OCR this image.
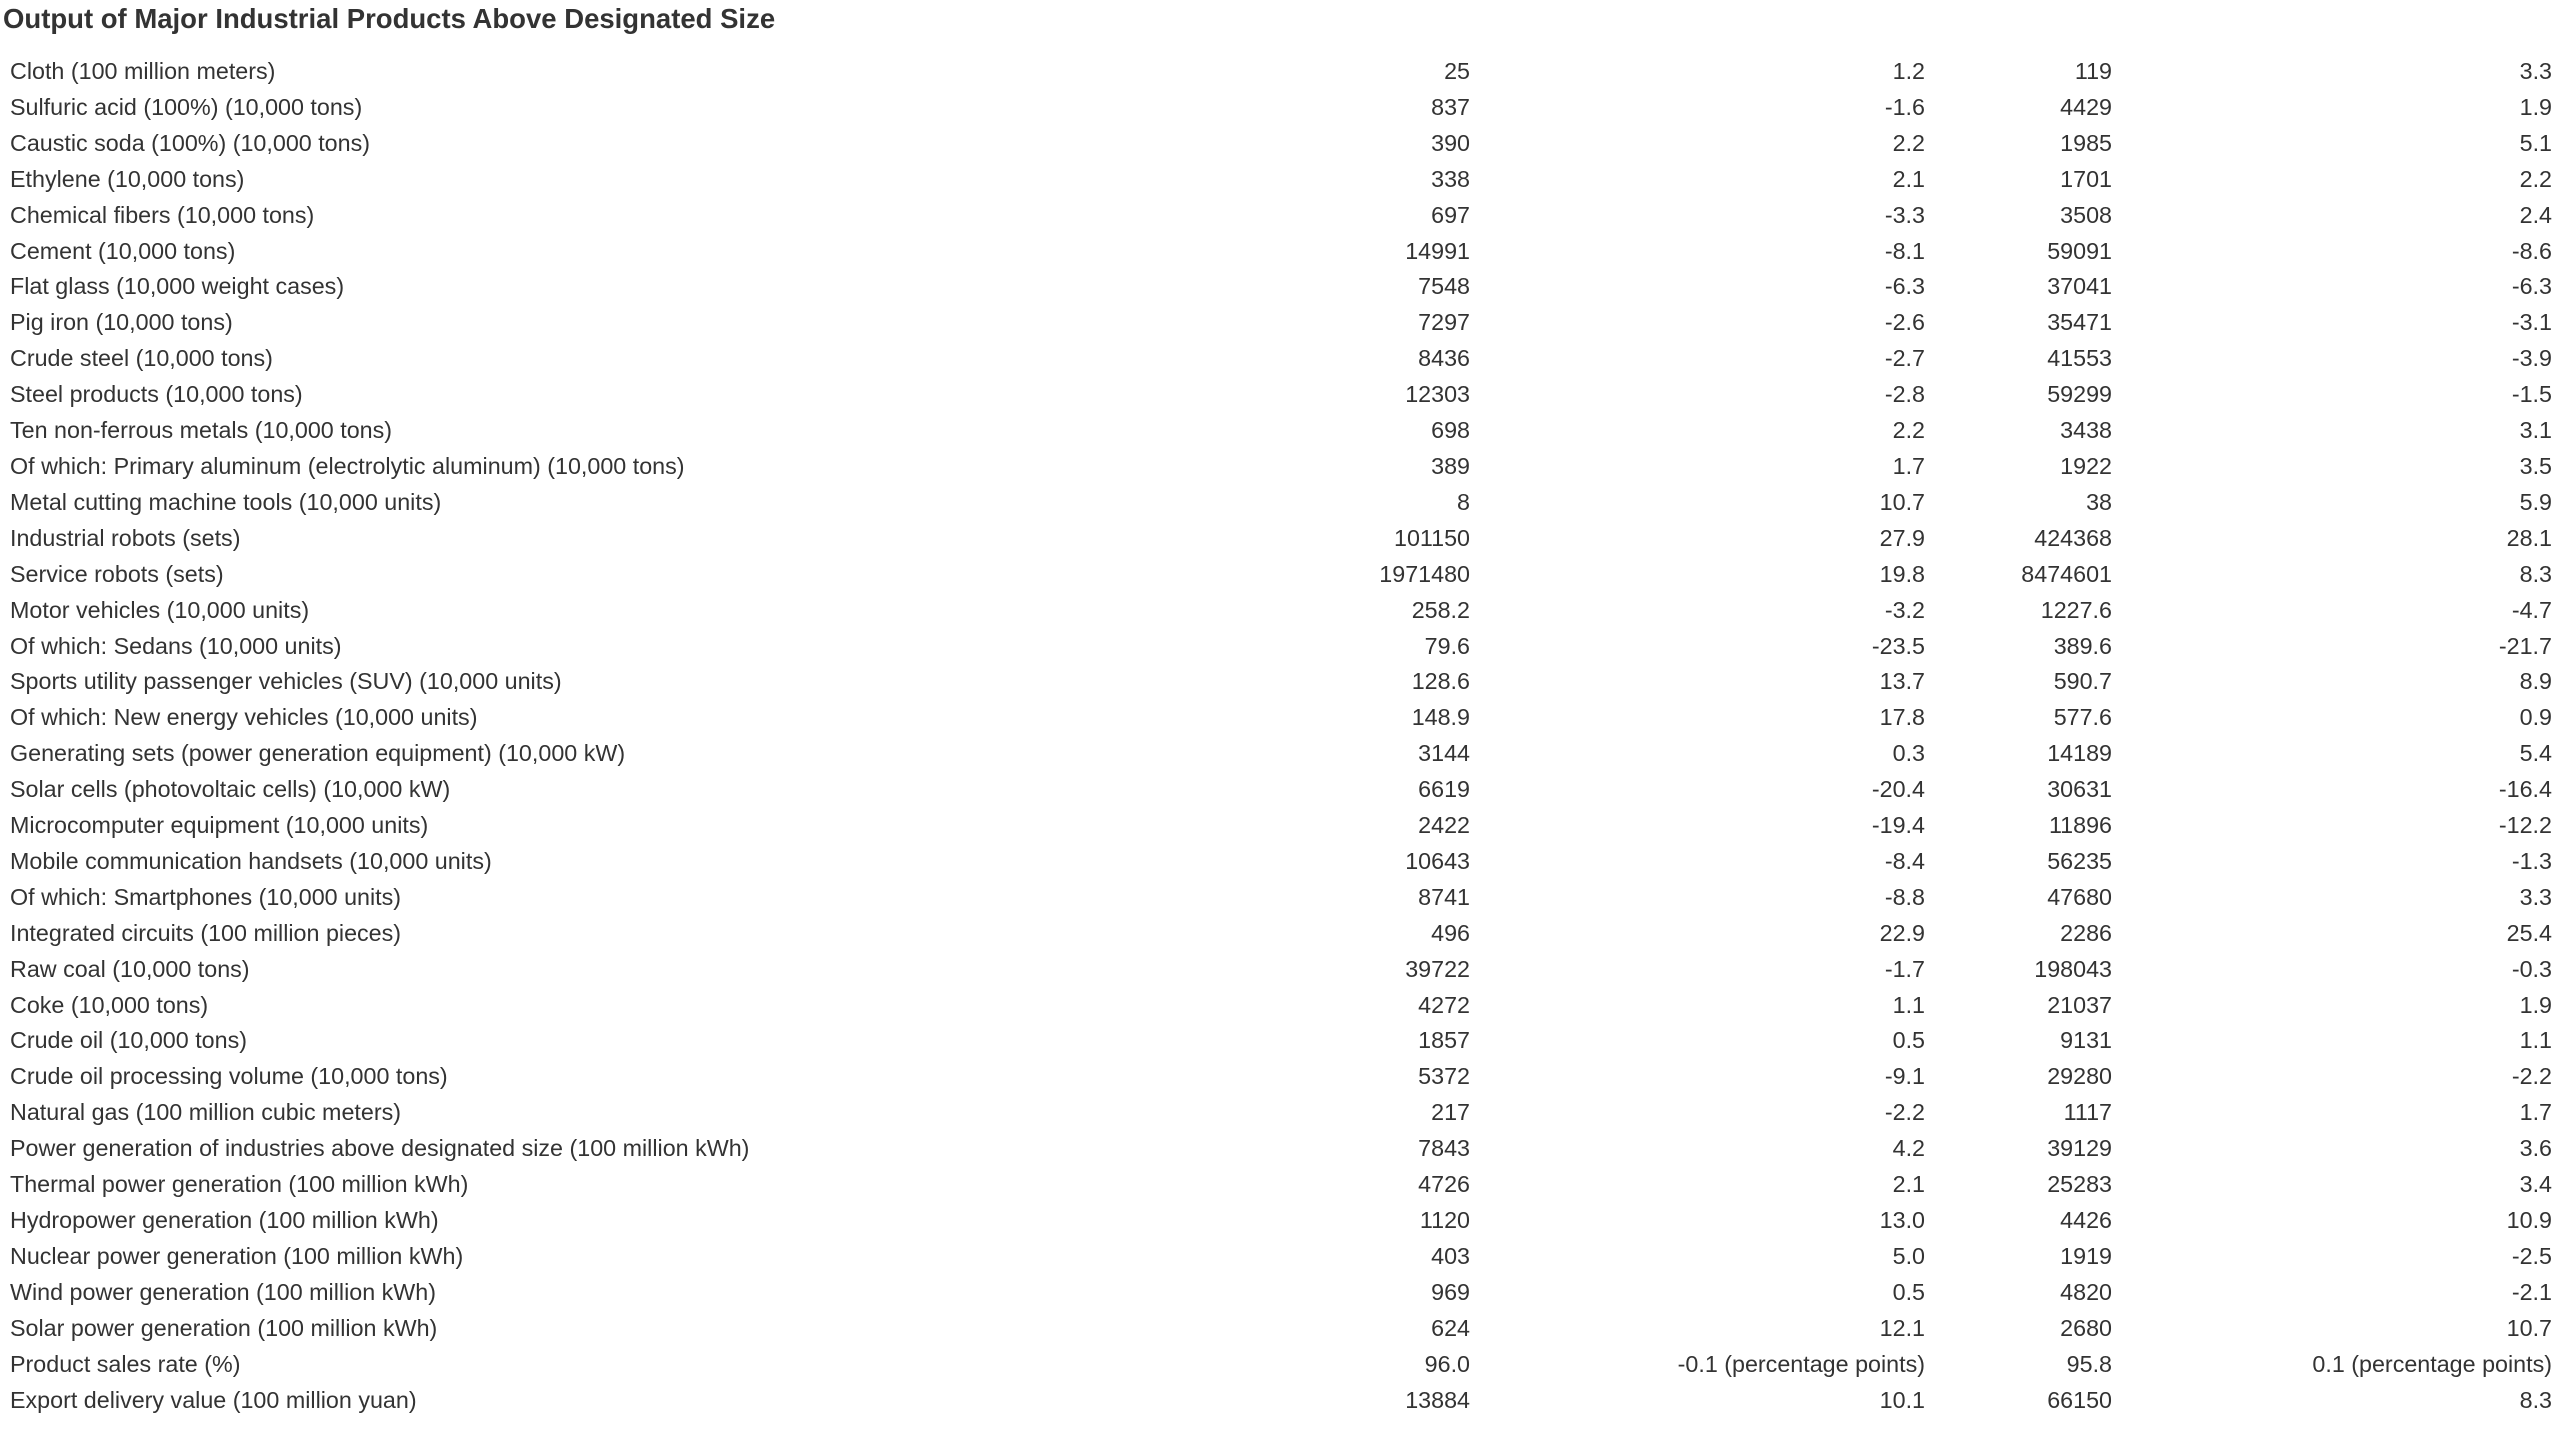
Output of Major Industrial Products Above Designated Size
Cloth (100 million meters)	25	1.2	119	3.3
Sulfuric acid (100%) (10,000 tons)	837	-1.6	4429	1.9
Caustic soda (100%) (10,000 tons)	390	2.2	1985	5.1
Ethylene (10,000 tons)	338	2.1	1701	2.2
Chemical fibers (10,000 tons)	697	-3.3	3508	2.4
Cement (10,000 tons)	14991	-8.1	59091	-8.6
Flat glass (10,000 weight cases)	7548	-6.3	37041	-6.3
Pig iron (10,000 tons)	7297	-2.6	35471	-3.1
Crude steel (10,000 tons)	8436	-2.7	41553	-3.9
Steel products (10,000 tons)	12303	-2.8	59299	-1.5
Ten non-ferrous metals (10,000 tons)	698	2.2	3438	3.1
Of which: Primary aluminum (electrolytic aluminum) (10,000 tons)	389	1.7	1922	3.5
Metal cutting machine tools (10,000 units)	8	10.7	38	5.9
Industrial robots (sets)	101150	27.9	424368	28.1
Service robots (sets)	1971480	19.8	8474601	8.3
Motor vehicles (10,000 units)	258.2	-3.2	1227.6	-4.7
Of which: Sedans (10,000 units)	79.6	-23.5	389.6	-21.7
Sports utility passenger vehicles (SUV) (10,000 units)	128.6	13.7	590.7	8.9
Of which: New energy vehicles (10,000 units)	148.9	17.8	577.6	0.9
Generating sets (power generation equipment) (10,000 kW)	3144	0.3	14189	5.4
Solar cells (photovoltaic cells) (10,000 kW)	6619	-20.4	30631	-16.4
Microcomputer equipment (10,000 units)	2422	-19.4	11896	-12.2
Mobile communication handsets (10,000 units)	10643	-8.4	56235	-1.3
Of which: Smartphones (10,000 units)	8741	-8.8	47680	3.3
Integrated circuits (100 million pieces)	496	22.9	2286	25.4
Raw coal (10,000 tons)	39722	-1.7	198043	-0.3
Coke (10,000 tons)	4272	1.1	21037	1.9
Crude oil (10,000 tons)	1857	0.5	9131	1.1
Crude oil processing volume (10,000 tons)	5372	-9.1	29280	-2.2
Natural gas (100 million cubic meters)	217	-2.2	1117	1.7
Power generation of industries above designated size (100 million kWh)	7843	4.2	39129	3.6
Thermal power generation (100 million kWh)	4726	2.1	25283	3.4
Hydropower generation (100 million kWh)	1120	13.0	4426	10.9
Nuclear power generation (100 million kWh)	403	5.0	1919	-2.5
Wind power generation (100 million kWh)	969	0.5	4820	-2.1
Solar power generation (100 million kWh)	624	12.1	2680	10.7
Product sales rate (%)	96.0	-0.1 (percentage points)	95.8	0.1 (percentage points)
Export delivery value (100 million yuan)	13884	10.1	66150	8.3
